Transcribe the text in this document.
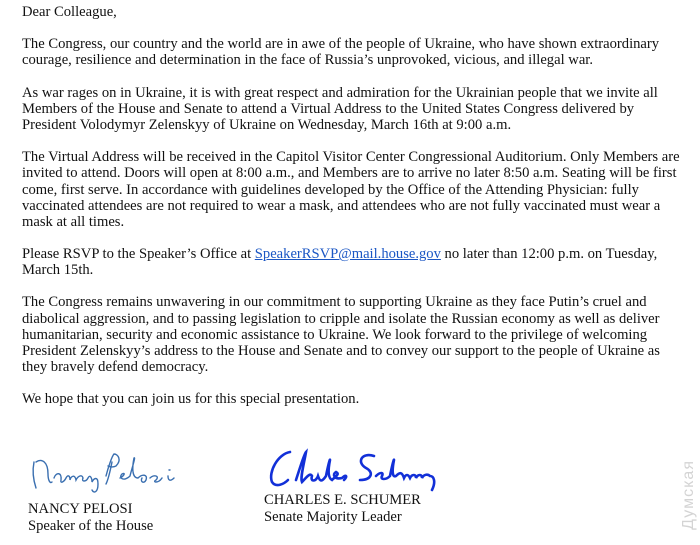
Dear Colleague,
The Congress, our country and the world are in awe of the people of Ukraine, who have shown extraordinary
courage, resilience and determination in the face of Russia’s unprovoked, vicious, and illegal war.
As war rages on in Ukraine, it is with great respect and admiration for the Ukrainian people that we invite all
Members of the House and Senate to attend a Virtual Address to the United States Congress delivered by
President Volodymyr Zelenskyy of Ukraine on Wednesday, March 16th at 9:00 a.m.
The Virtual Address will be received in the Capitol Visitor Center Congressional Auditorium. Only Members are
invited to attend. Doors will open at 8:00 a.m., and Members are to arrive no later 8:50 a.m. Seating will be first
come, first serve. In accordance with guidelines developed by the Office of the Attending Physician: fully
vaccinated attendees are not required to wear a mask, and attendees who are not fully vaccinated must wear a
mask at all times.
Please RSVP to the Speaker’s Office at SpeakerRSVP@mail.house.gov no later than 12:00 p.m. on Tuesday,
March 15th.
The Congress remains unwavering in our commitment to supporting Ukraine as they face Putin’s cruel and
diabolical aggression, and to passing legislation to cripple and isolate the Russian economy as well as deliver
humanitarian, security and economic assistance to Ukraine. We look forward to the privilege of welcoming
President Zelenskyy’s address to the House and Senate and to convey our support to the people of Ukraine as
they bravely defend democracy.
We hope that you can join us for this special presentation.
NANCY PELOSI
Speaker of the House
CHARLES E. SCHUMER
Senate Majority Leader	Думская
